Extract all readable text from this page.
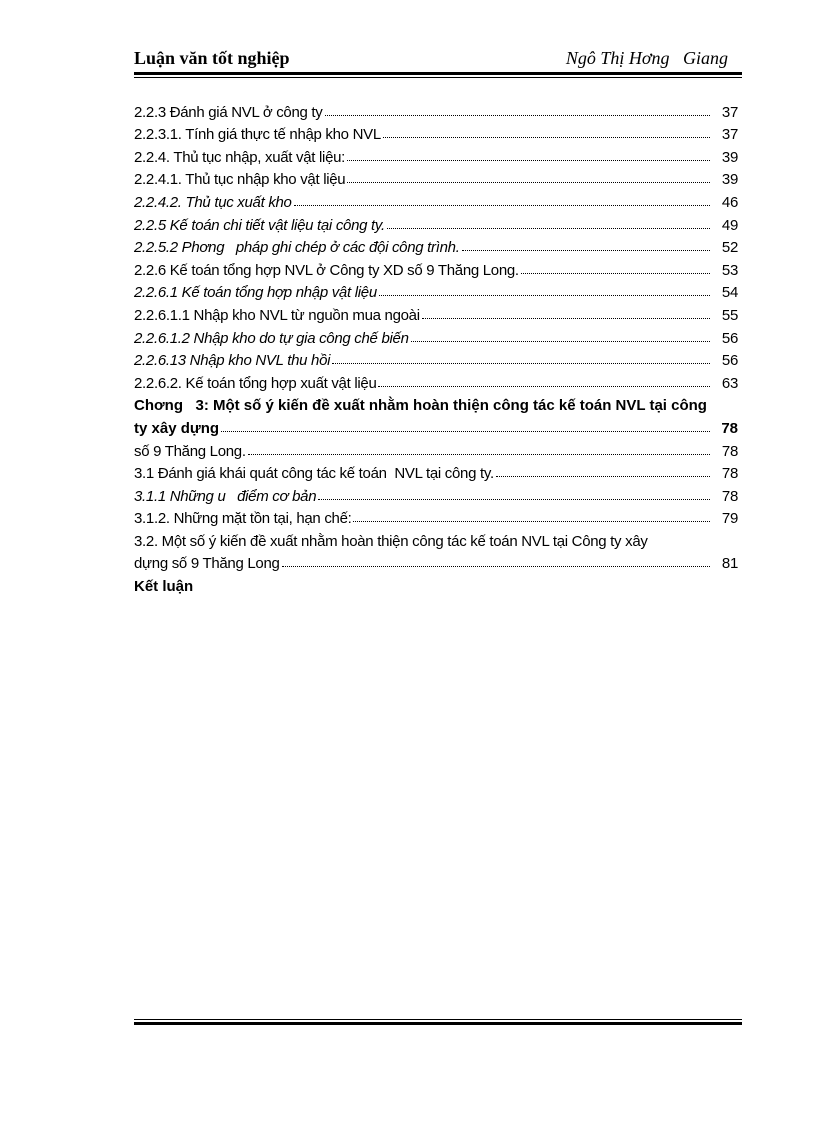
Luận văn tốt nghiệp	Ngô Thị Hơng   Giang
2.2.3 Đánh giá NVL ở công ty	37
2.2.3.1. Tính giá thực tế nhập kho NVL	37
2.2.4. Thủ tục nhập, xuất vật liệu:	39
2.2.4.1. Thủ tục nhập kho vật liệu	39
2.2.4.2. Thủ tục xuất kho	46
2.2.5 Kế toán chi tiết vật liệu tại công ty.	49
2.2.5.2 Phơng   pháp ghi chép ở các đội công trình.	52
2.2.6 Kế toán tổng hợp NVL ở Công ty XD số 9 Thăng Long.	53
2.2.6.1 Kế toán tổng hợp nhập vật liệu	54
2.2.6.1.1 Nhập kho NVL từ nguồn mua ngoài	55
2.2.6.1.2 Nhập kho do tự gia công chế biến	56
2.2.6.13 Nhập kho NVL thu hồi	56
2.2.6.2. Kế toán tổng hợp xuất vật liệu	63
Chơng   3: Một số ý kiến đề xuất nhằm hoàn thiện công tác kế toán NVL tại công
ty xây dựng	78
số 9 Thăng Long.	78
3.1 Đánh giá khái quát công tác kế toán  NVL tại công ty.	78
3.1.1 Những u   điểm cơ bản	78
3.1.2. Những mặt tồn tại, hạn chế:	79
3.2. Một số ý kiến đề xuất nhằm hoàn thiện công tác kế toán NVL tại Công ty xây
dựng số 9 Thăng Long	81
Kết luận
